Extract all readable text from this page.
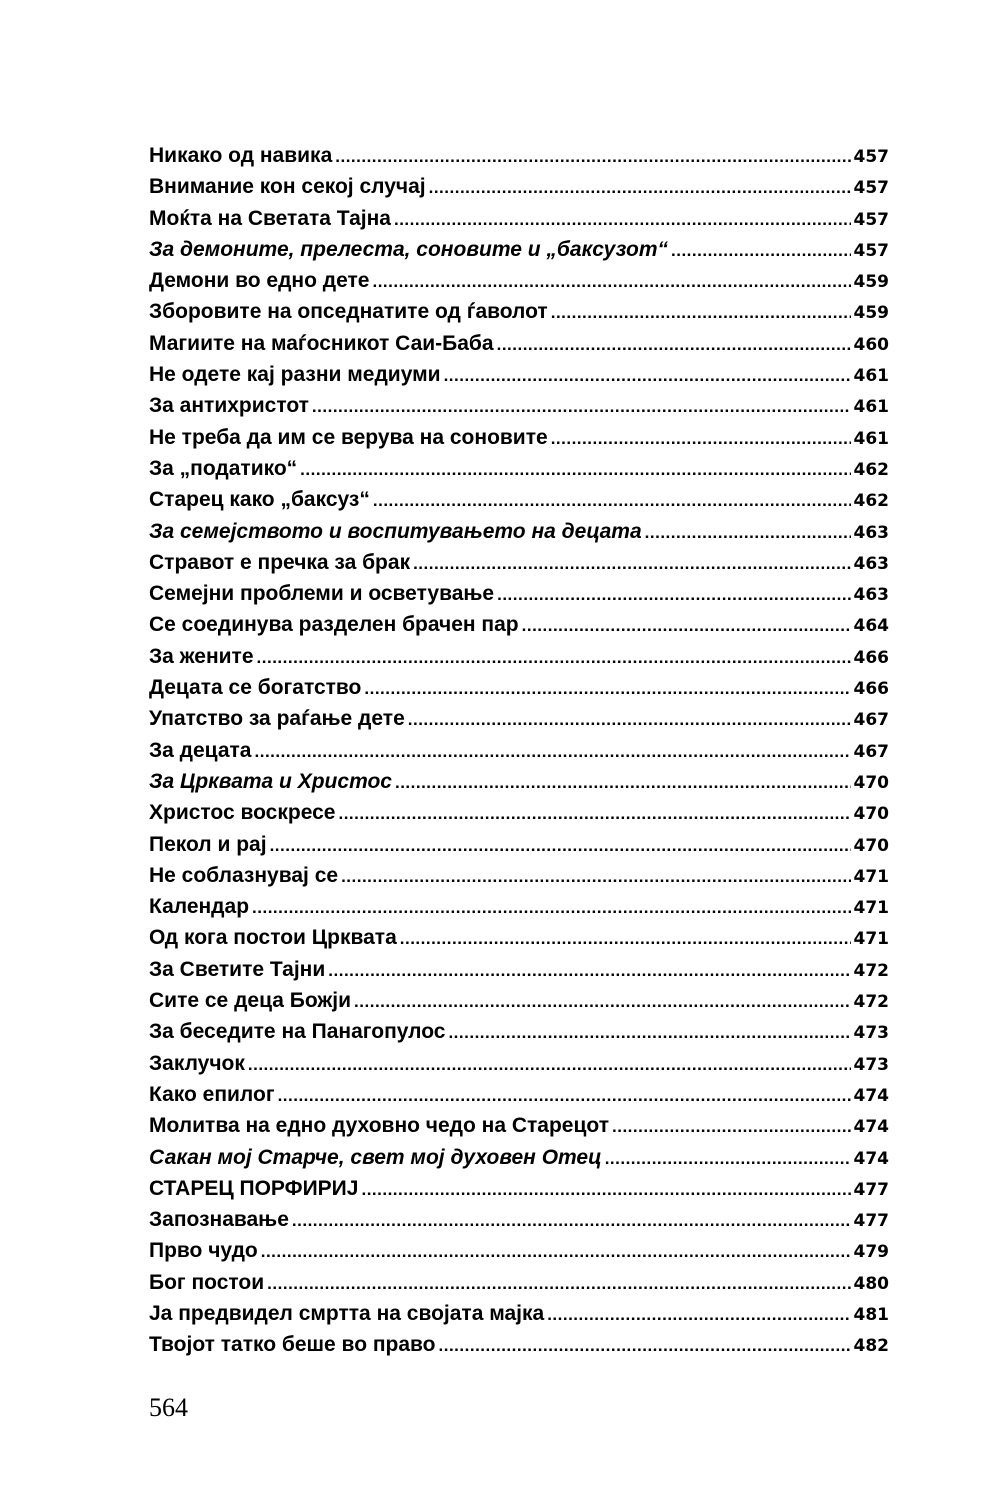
Никако од навика .....	457
Внимание кон секој случај .....	457
Моќта на Светата Тајна .....	457
За демоните, прелеста, соновите и „баксузот“ .....	457
Демони во едно дете .....	459
Зборовите на опседнатите од ѓаволот .....	459
Магиите на маѓосникот Саи-Баба .....	460
Не одете кај разни медиуми .....	461
За антихристот .....	461
Не треба да им се верува на соновите .....	461
За „податико“ .....	462
Старец како „баксуз“ .....	462
За семејството и воспитувањето на децата .....	463
Стравот е пречка за брак .....	463
Семејни проблеми и осветување .....	463
Се соединува разделен брачен пар .....	464
За жените .....	466
Децата се богатство .....	466
Упатство за раѓање дете .....	467
За децата .....	467
За Црквата и Христос .....	470
Христос воскресе .....	470
Пекол и рај .....	470
Не соблазнувај се .....	471
Календар .....	471
Од кога постои Црквата .....	471
За Светите Тајни .....	472
Сите се деца Божји .....	472
За беседите на Панагопулос .....	473
Заклучок .....	473
Како епилог .....	474
Молитва на едно духовно чедо на Старецот .....	474
Сакан мој Старче, свет мој духовен Отец .....	474
СТАРЕЦ ПОРФИРИЈ .....	477
Запознавање .....	477
Прво чудо .....	479
Бог постои .....	480
Ја предвидел смртта на својата мајка .....	481
Твојот татко беше во право .....	482
564
